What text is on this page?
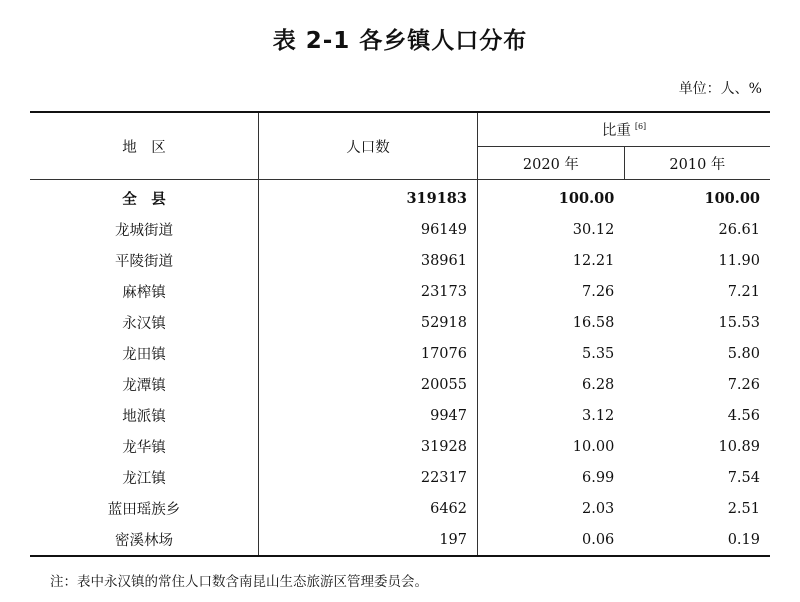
表 2-1 各乡镇人口分布
单位：人、%
地　区	人口数	比重 [6]
		2020 年	2010 年
全　县	319183	100.00	100.00
龙城街道	96149	30.12	26.61
平陵街道	38961	12.21	11.90
麻榨镇	23173	7.26	7.21
永汉镇	52918	16.58	15.53
龙田镇	17076	5.35	5.80
龙潭镇	20055	6.28	7.26
地派镇	9947	3.12	4.56
龙华镇	31928	10.00	10.89
龙江镇	22317	6.99	7.54
蓝田瑶族乡	6462	2.03	2.51
密溪林场	197	0.06	0.19
注：表中永汉镇的常住人口数含南昆山生态旅游区管理委员会。
